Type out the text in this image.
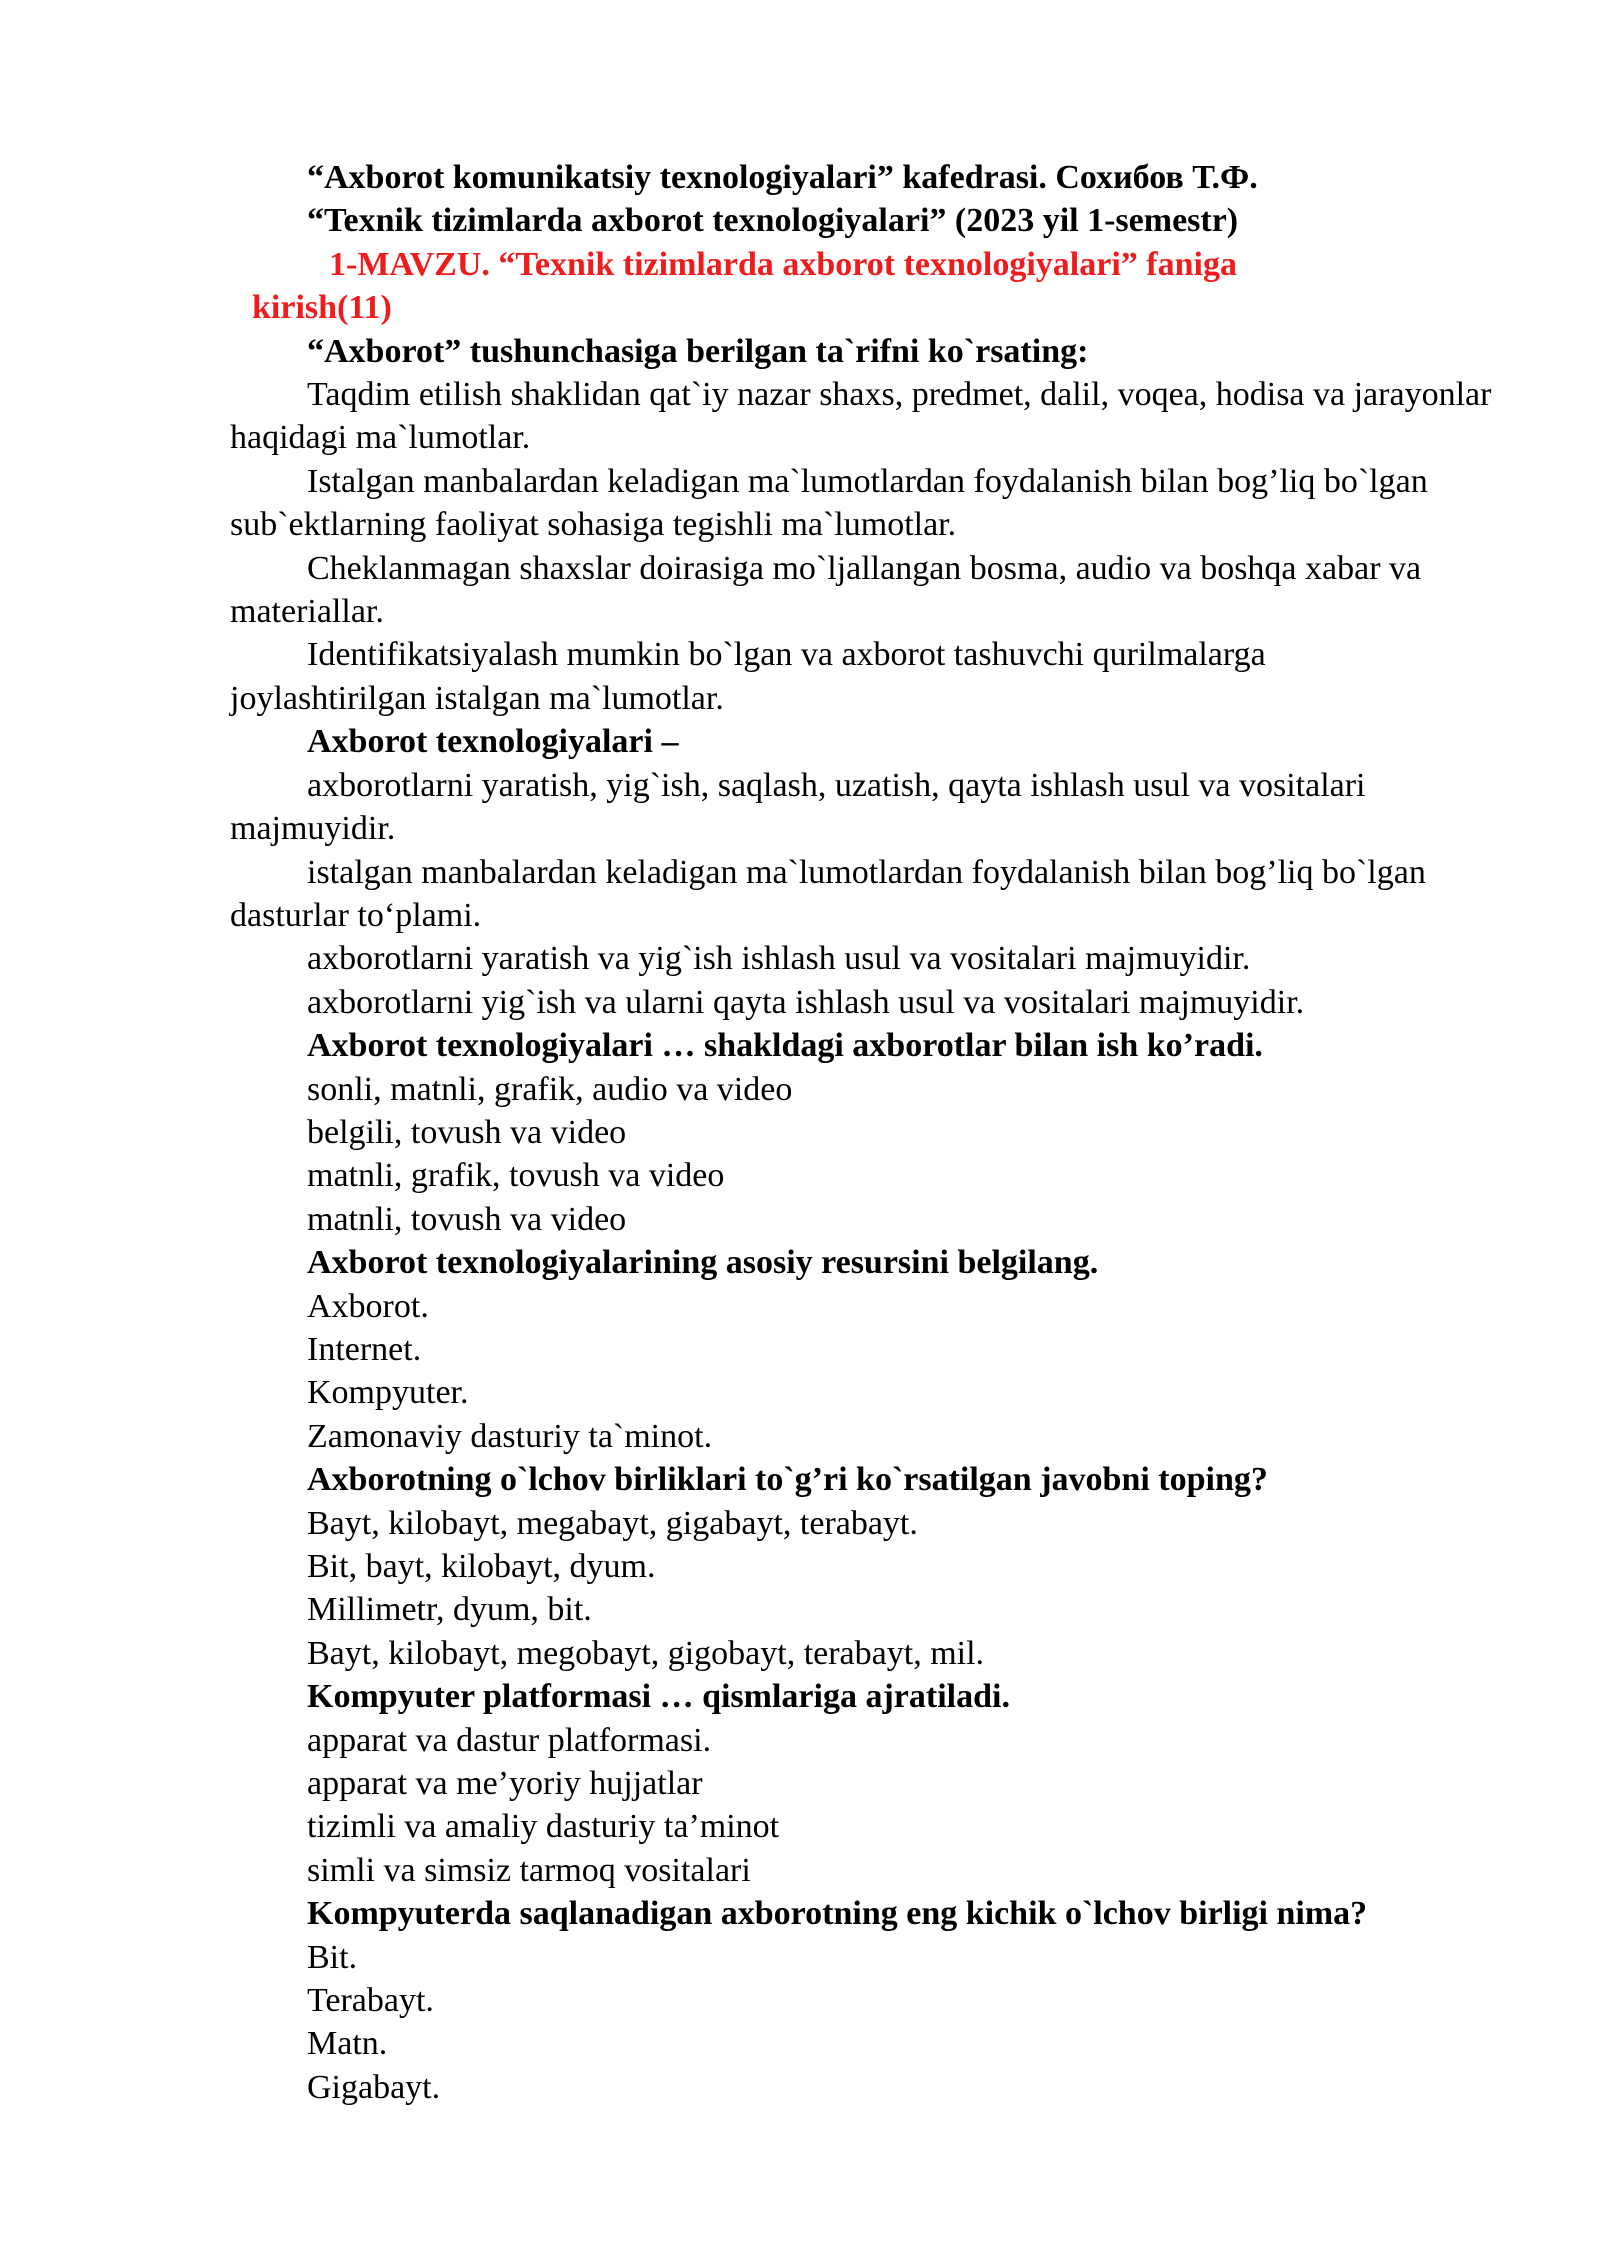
“Axborot komunikatsiy texnologiyalari” kafedrasi. Сохибов Т.Ф.

“Texnik tizimlarda axborot texnologiyalari” (2023 yil 1-semestr)

1-MAVZU. “Texnik tizimlarda axborot texnologiyalari” faniga

kirish(11)

“Axborot” tushunchasiga berilgan ta`rifni ko`rsating:

Taqdim etilish shaklidan qat`iy nazar shaxs, predmet, dalil, voqea, hodisa va jarayonlar haqidagi ma`lumotlar.

Istalgan manbalardan keladigan ma`lumotlardan foydalanish bilan bog’liq bo`lgan sub`ektlarning faoliyat sohasiga tegishli ma`lumotlar.

Cheklanmagan shaxslar doirasiga mo`ljallangan bosma, audio va boshqa xabar va materiallar.

Identifikatsiyalash mumkin bo`lgan va axborot tashuvchi qurilmalarga joylashtirilgan istalgan ma`lumotlar.

Axborot texnologiyalari –

axborotlarni yaratish, yig`ish, saqlash, uzatish, qayta ishlash usul va vositalari majmuyidir.

istalgan manbalardan keladigan ma`lumotlardan foydalanish bilan bog’liq bo`lgan dasturlar to‘plami.

axborotlarni yaratish va yig`ish ishlash usul va vositalari majmuyidir.

axborotlarni yig`ish va ularni qayta ishlash usul va vositalari majmuyidir.

Axborot texnologiyalari … shakldagi axborotlar bilan ish ko’radi.

sonli, matnli, grafik, audio va video

belgili, tovush va video

matnli, grafik, tovush va video

matnli, tovush va video

Axborot texnologiyalarining asosiy resursini belgilang.

Axborot.

Internet.

Kompyuter.

Zamonaviy dasturiy ta`minot.

Axborotning o`lchov birliklari to`g’ri ko`rsatilgan javobni toping?

Bayt, kilobayt, megabayt, gigabayt, terabayt.

Bit, bayt, kilobayt, dyum.

Millimetr, dyum, bit.

Bayt, kilobayt, megobayt, gigobayt, terabayt, mil.

Kompyuter platformasi … qismlariga ajratiladi.

apparat va dastur platformasi.

apparat va me’yoriy hujjatlar

tizimli va amaliy dasturiy ta’minot

simli va simsiz tarmoq vositalari

Kompyuterda saqlanadigan axborotning eng kichik o`lchov birligi nima?

Bit.

Terabayt.

Matn.

Gigabayt.
